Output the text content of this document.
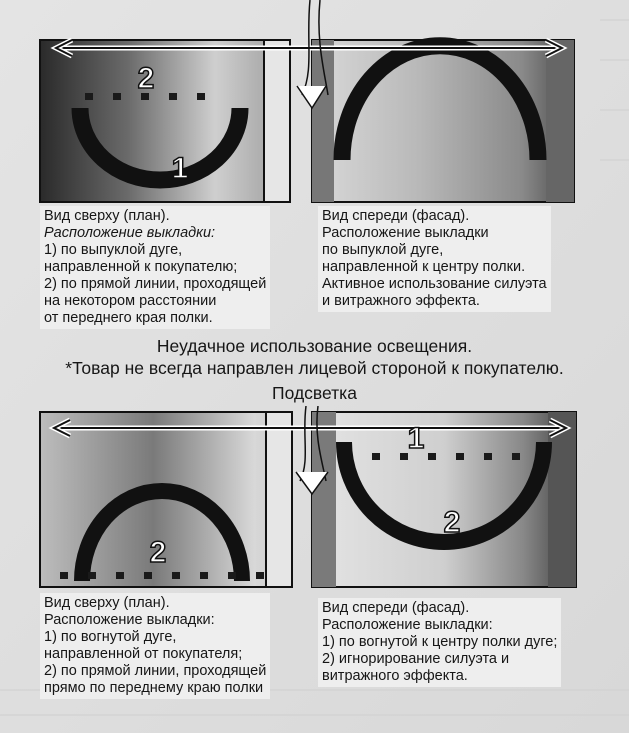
2
1
Вид сверху (план).
Расположение выкладки:
1) по выпуклой дуге,
направленной к покупателю;
2) по прямой линии, проходящей
на некотором расстоянии
от переднего края полки.
Вид спереди (фасад).
Расположение выкладки
по выпуклой дуге,
направленной к центру полки.
Активное использование силуэта
и витражного эффекта.
Неудачное использование освещения.
*Товар не всегда направлен лицевой стороной к покупателю.
Подсветка
1
2
2
Вид сверху (план).
Расположение выкладки:
1) по вогнутой дуге,
направленной от покупателя;
2) по прямой линии, проходящей
прямо по переднему краю полки
Вид спереди (фасад).
Расположение выкладки:
1) по вогнутой к центру полки дуге;
2) игнорирование силуэта и
витражного эффекта.
